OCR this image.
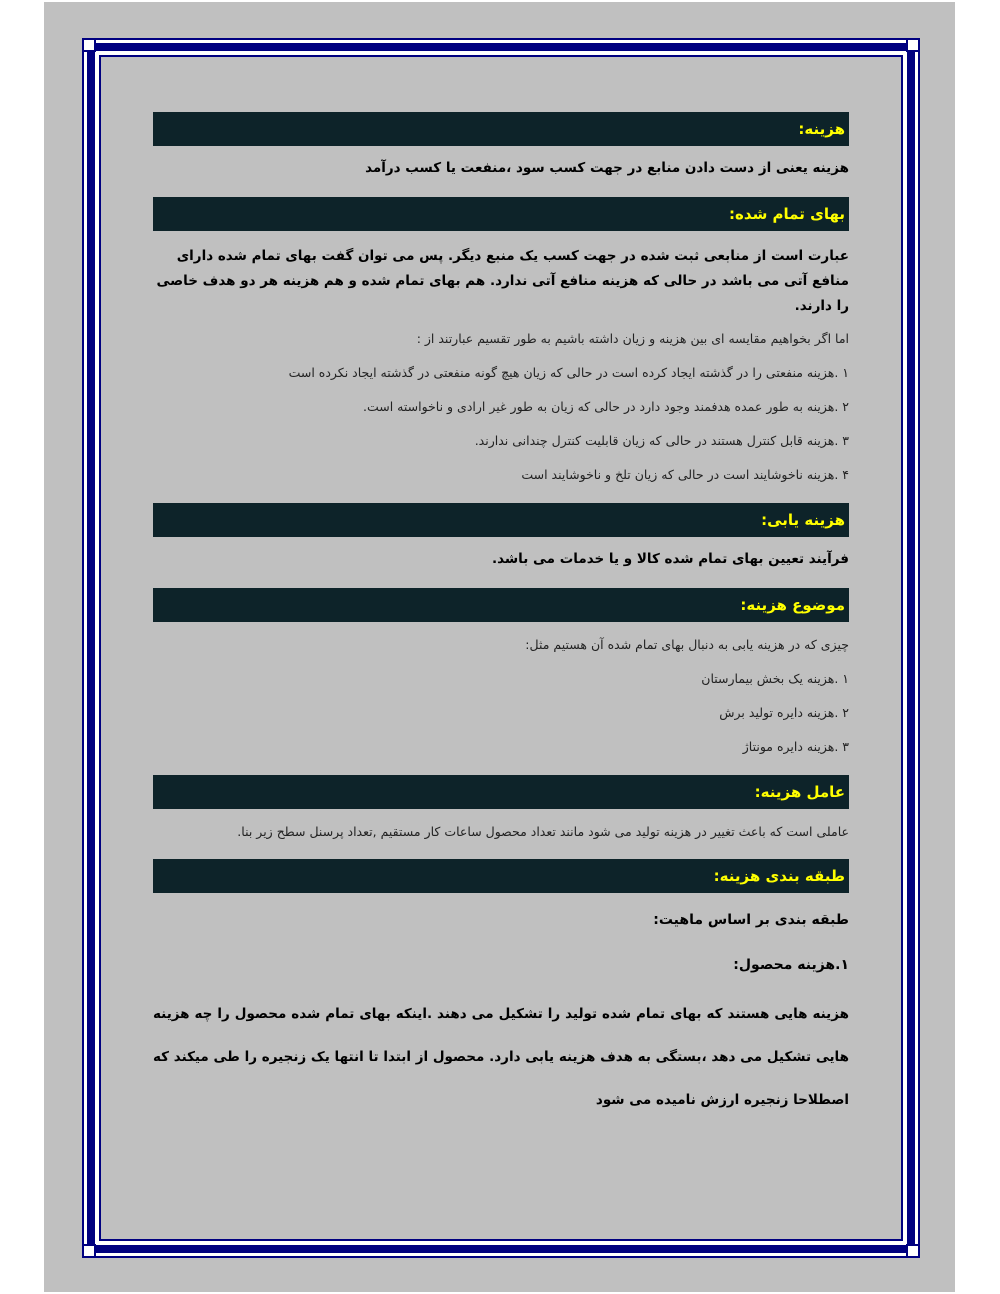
هزینه:

هزینه یعنی از دست دادن منابع در جهت کسب سود ،منفعت یا کسب درآمد

بهای تمام شده:

عبارت است از منابعی ثبت شده در جهت کسب یک منبع دیگر. پس می توان گفت بهای تمام شده دارای منافع آتی می باشد در حالی که هزینه منافع آتی ندارد. هم بهای تمام شده و هم هزینه هر دو هدف خاصی را دارند.

اما اگر بخواهیم مقایسه ای بین هزینه و زیان داشته باشیم به طور تقسیم عبارتند از :

۱ .هزینه منفعتی را در گذشته ایجاد کرده است در حالی که زیان هیچ گونه منفعتی در گذشته ایجاد نکرده است

۲ .هزینه به طور عمده هدفمند وجود دارد در حالی که زیان به طور غیر ارادی و ناخواسته است.

۳ .هزینه قابل کنترل هستند در حالی که زیان قابلیت کنترل چندانی ندارند.

۴ .هزینه ناخوشایند است در حالی که زیان تلخ و ناخوشایند است

هزینه یابی:

فرآیند تعیین بهای تمام شده کالا و یا خدمات می باشد.

موضوع هزینه:

چیزی که در هزینه یابی به دنبال بهای تمام شده آن هستیم مثل:

۱ .هزینه یک بخش بیمارستان

۲ .هزینه دایره تولید برش

۳ .هزینه دایره مونتاژ

عامل هزینه:

عاملی است که باعث تغییر در هزینه تولید می شود مانند تعداد محصول ساعات کار مستقیم ,تعداد پرسنل سطح زیر بنا.

طبقه بندی هزینه:

طبقه بندی بر اساس ماهیت:

۱.هزینه محصول:

هزینه هایی هستند که بهای تمام شده تولید را تشکیل می دهند .اینکه بهای تمام شده محصول را چه هزینه هایی تشکیل می دهد ،بستگی به هدف هزینه یابی دارد. محصول از ابتدا تا انتها یک زنجیره را طی میکند که اصطلاحا زنجیره ارزش نامیده می شود
